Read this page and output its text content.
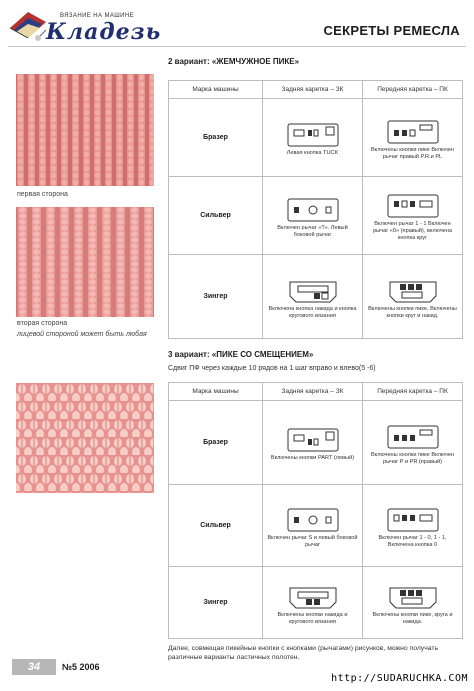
ВЯЗАНИЕ НА МАШИНЕ
Кладезь	СЕКРЕТЫ РЕМЕСЛА
первая сторона
вторая сторона
лицевой стороной может быть любая
2 вариант: «ЖЕМЧУЖНОЕ ПИКЕ»
Марка машины	Задняя каретка – ЗК	Передняя каретка – ПК
Бразер	Левая кнопка TUCK	Включены кнопки пике Включен рычаг правый P.R.и PL

Сильвер	Включен рычаг «Т». Левый боковой рычаг	Включен рычаг 1 - 1 Включен рычаг «0» (правый), включена кнопка круг

Зингер	Включена кнопка накида и кнопка кругового вязания	Включены кнопки пике, Включены кнопки круг и накид.
3 вариант: «ПИКЕ СО СМЕЩЕНИЕМ»
Сдвиг ПФ через каждые 10 рядов на 1 шаг вправо и влево(5 -6)
Марка машины	Задняя каретка – ЗК	Передняя каретка – ПК
Бразер	Включены кнопки PART (левый)	Включены кнопки пике Включен рычаг P и PR (правый)

Сильвер	Включен рычаг S и левый боковой рычаг	Включен рычаг 1 - 0, 1 - 1, Включена кнопка 0

Зингер	Включены кнопки накида и кругового вязания	Включены кнопки пике, круга и накида.
Далее, совмещая пикейные кнопки с кнопками (рычагами) рисунков, можно получать различные варианты ластичных полотен.
34	№5 2006
http://SUDARUCHKA.COM
